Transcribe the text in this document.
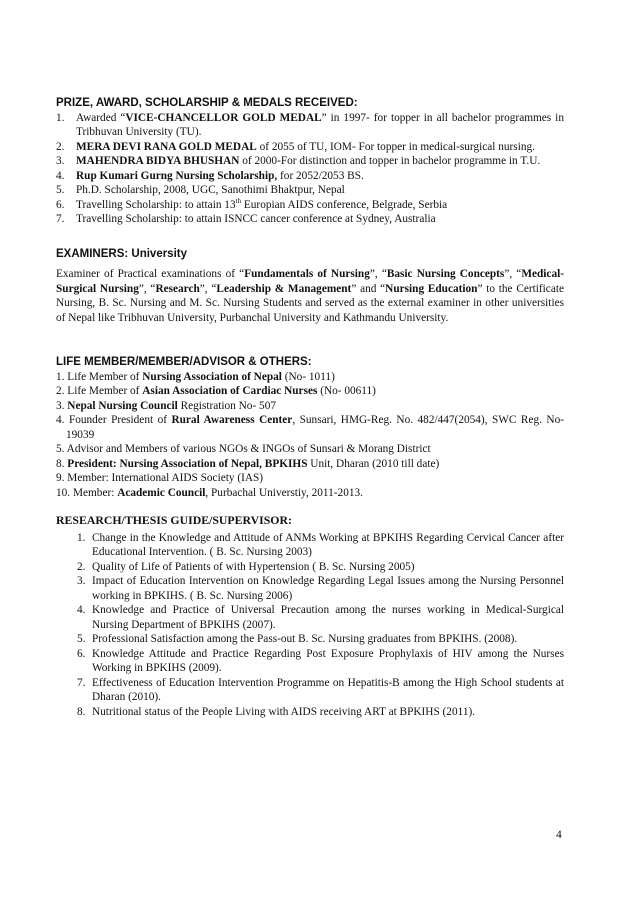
PRIZE, AWARD, SCHOLARSHIP & MEDALS RECEIVED:

1. Awarded “VICE-CHANCELLOR GOLD MEDAL” in 1997- for topper in all bachelor programmes in Tribhuvan University (TU).
2. MERA DEVI RANA GOLD MEDAL of 2055 of TU, IOM- For topper in medical-surgical nursing.
3. MAHENDRA BIDYA BHUSHAN of 2000-For distinction and topper in bachelor programme in T.U.
4. Rup Kumari Gurng Nursing Scholarship, for 2052/2053 BS.
5. Ph.D. Scholarship, 2008, UGC, Sanothimi Bhaktpur, Nepal
6. Travelling Scholarship: to attain 13th Europian AIDS conference, Belgrade, Serbia
7. Travelling Scholarship: to attain ISNCC cancer conference at Sydney, Australia

EXAMINERS: University

Examiner of Practical examinations of “Fundamentals of Nursing”, “Basic Nursing Concepts”, “Medical-Surgical Nursing”, “Research”, “Leadership & Management” and “Nursing Education” to the Certificate Nursing, B. Sc. Nursing and M. Sc. Nursing Students and served as the external examiner in other universities of Nepal like Tribhuvan University, Purbanchal University and Kathmandu University.

LIFE MEMBER/MEMBER/ADVISOR & OTHERS:

1. Life Member of Nursing Association of Nepal (No- 1011)
2. Life Member of Asian Association of Cardiac Nurses (No- 00611)
3. Nepal Nursing Council Registration No- 507
4. Founder President of Rural Awareness Center, Sunsari, HMG-Reg. No. 482/447(2054), SWC Reg. No-19039
5. Advisor and Members of various NGOs & INGOs of Sunsari & Morang District
8. President: Nursing Association of Nepal, BPKIHS Unit, Dharan (2010 till date)
9. Member: International AIDS Society (IAS)
10. Member: Academic Council, Purbachal Universtiy, 2011-2013.

RESEARCH/THESIS GUIDE/SUPERVISOR:

1. Change in the Knowledge and Attitude of ANMs Working at BPKIHS Regarding Cervical Cancer after Educational Intervention. ( B. Sc. Nursing 2003)
2. Quality of Life of Patients of with Hypertension ( B. Sc. Nursing 2005)
3. Impact of Education Intervention on Knowledge Regarding Legal Issues among the Nursing Personnel working in BPKIHS. ( B. Sc. Nursing 2006)
4. Knowledge and Practice of Universal Precaution among the nurses working in Medical-Surgical Nursing Department of BPKIHS (2007).
5. Professional Satisfaction among the Pass-out B. Sc. Nursing graduates from BPKIHS. (2008).
6. Knowledge Attitude and Practice Regarding Post Exposure Prophylaxis of HIV among the Nurses Working in BPKIHS (2009).
7. Effectiveness of Education Intervention Programme on Hepatitis-B among the High School students at Dharan (2010).
8. Nutritional status of the People Living with AIDS receiving ART at BPKIHS (2011).
4
